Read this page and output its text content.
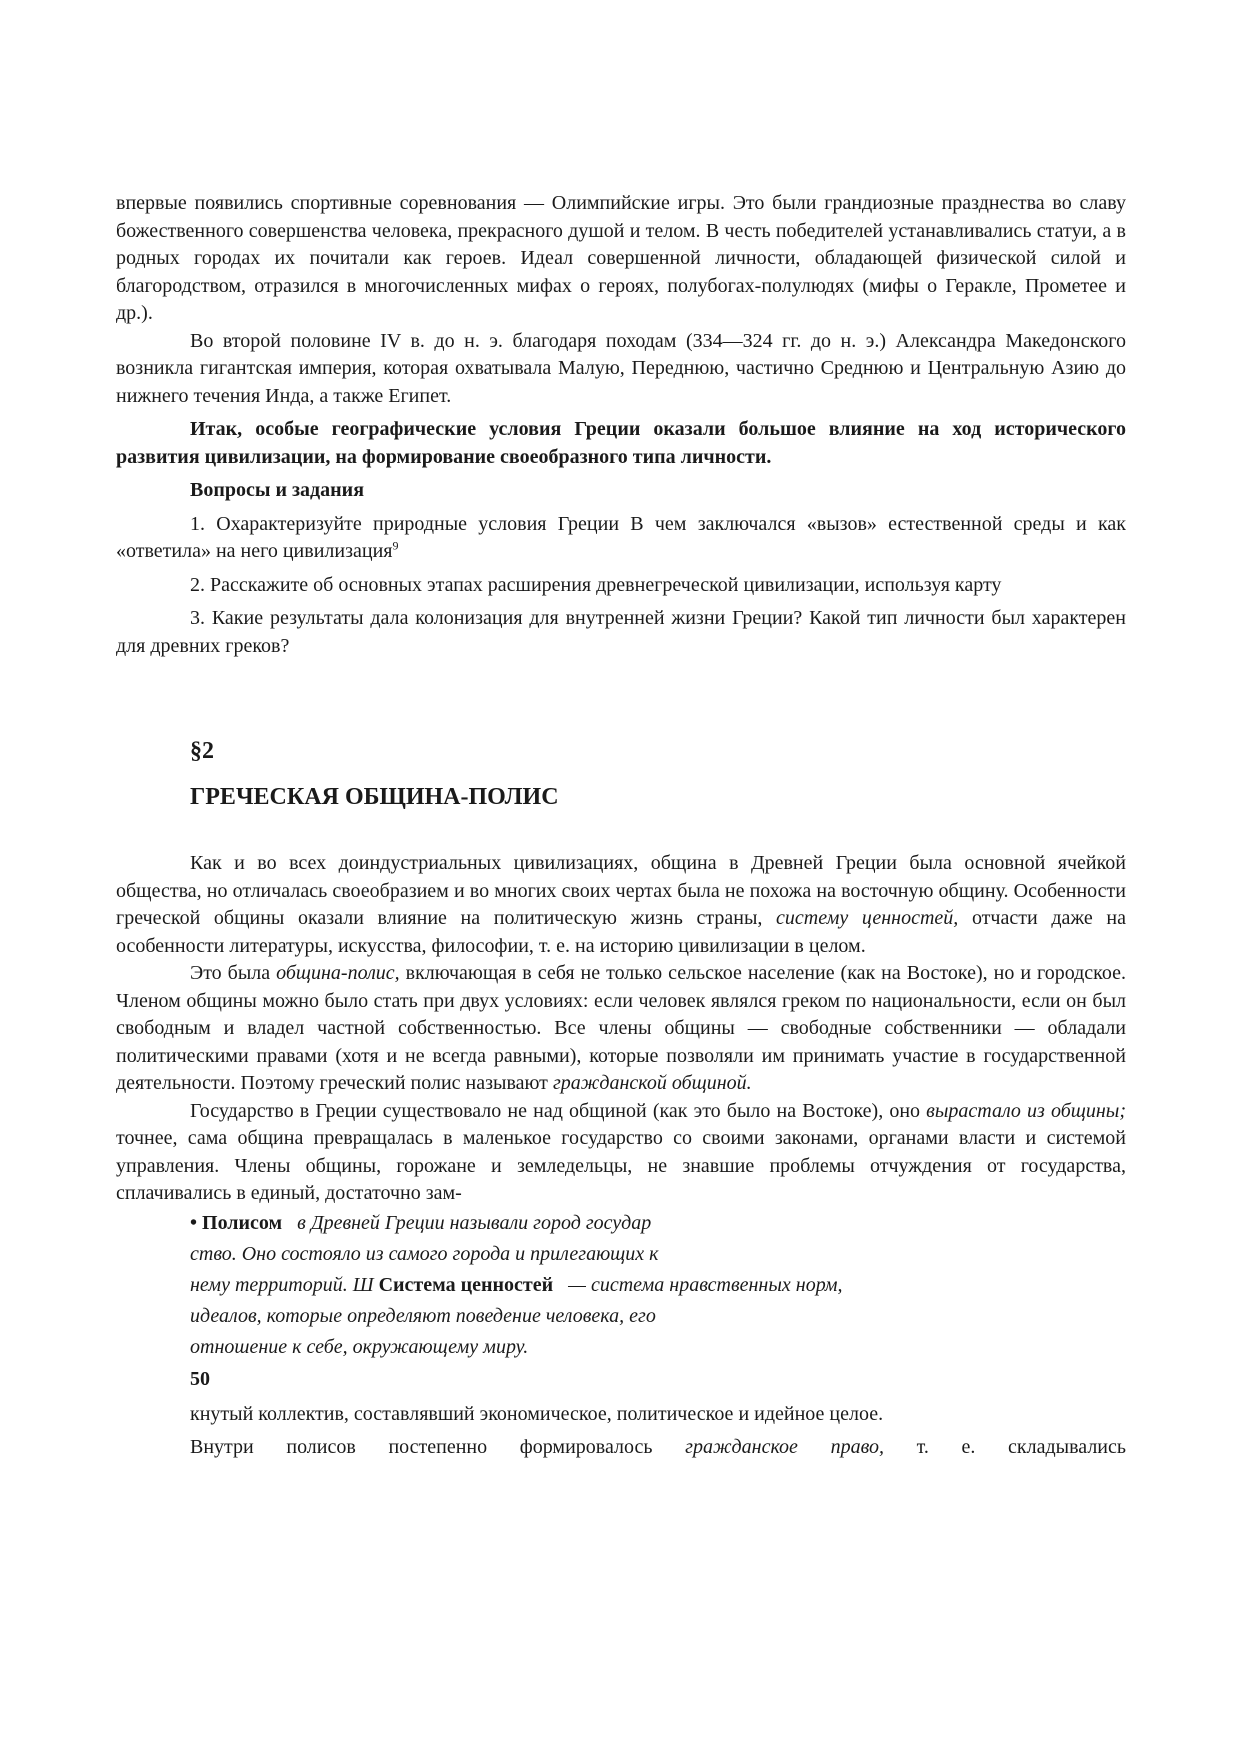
впервые появились спортивные соревнования — Олимпийские игры. Это были грандиозные празднества во славу божественного совершенства человека, прекрасного душой и телом. В честь победителей устанавливались статуи, а в родных городах их почитали как героев. Идеал совершенной личности, обладающей физической силой и благородством, отразился в многочисленных мифах о героях, полубогах-полулюдях (мифы о Геракле, Прометее и др.).

Во второй половине IV в. до н. э. благодаря походам (334—324 гг. до н. э.) Александра Македонского возникла гигантская империя, которая охватывала Малую, Переднюю, частично Среднюю и Центральную Азию до нижнего течения Инда, а также Египет.

Итак, особые географические условия Греции оказали большое влияние на ход исторического развития цивилизации, на формирование своеобразного типа личности.

Вопросы и задания

1. Охарактеризуйте природные условия Греции В чем заключался «вызов» естественной среды и как «ответила» на него цивилизация$^9$

2. Расскажите об основных этапах расширения древнегреческой цивилизации, используя карту

3. Какие результаты дала колонизация для внутренней жизни Греции? Какой тип личности был характерен для древних греков?

§2
ГРЕЧЕСКАЯ ОБЩИНА-ПОЛИС

Как и во всех доиндустриальных цивилизациях, община в Древней Греции была основной ячейкой общества, но отличалась своеобразием и во многих своих чертах была не похожа на восточную общину. Особенности греческой общины оказали влияние на политическую жизнь страны, систему ценностей, отчасти даже на особенности литературы, искусства, философии, т. е. на историю цивилизации в целом.

Это была община-полис, включающая в себя не только сельское население (как на Востоке), но и городское. Членом общины можно было стать при двух условиях: если человек являлся греком по национальности, если он был свободным и владел частной собственностью. Все члены общины — свободные собственники — обладали политическими правами (хотя и не всегда равными), которые позволяли им принимать участие в государственной деятельности. Поэтому греческий полис называют гражданской общиной.

Государство в Греции существовало не над общиной (как это было на Востоке), оно вырастало из общины; точнее, сама община превращалась в маленькое государство со своими законами, органами власти и системой управления. Члены общины, горожане и земледельцы, не знавшие проблемы отчуждения от государства, сплачивались в единый, достаточно зам-

• Полисом в Древней Греции называли город государ
ство. Оно состояло из самого города и прилегающих к
нему территорий. Ш Система ценностей — система нравственных норм,
идеалов, которые определяют поведение человека, его
отношение к себе, окружающему миру.
50

кнутый коллектив, составлявший экономическое, политическое и идейное целое.

Внутри полисов постепенно формировалось гражданское право, т. е. складывались
